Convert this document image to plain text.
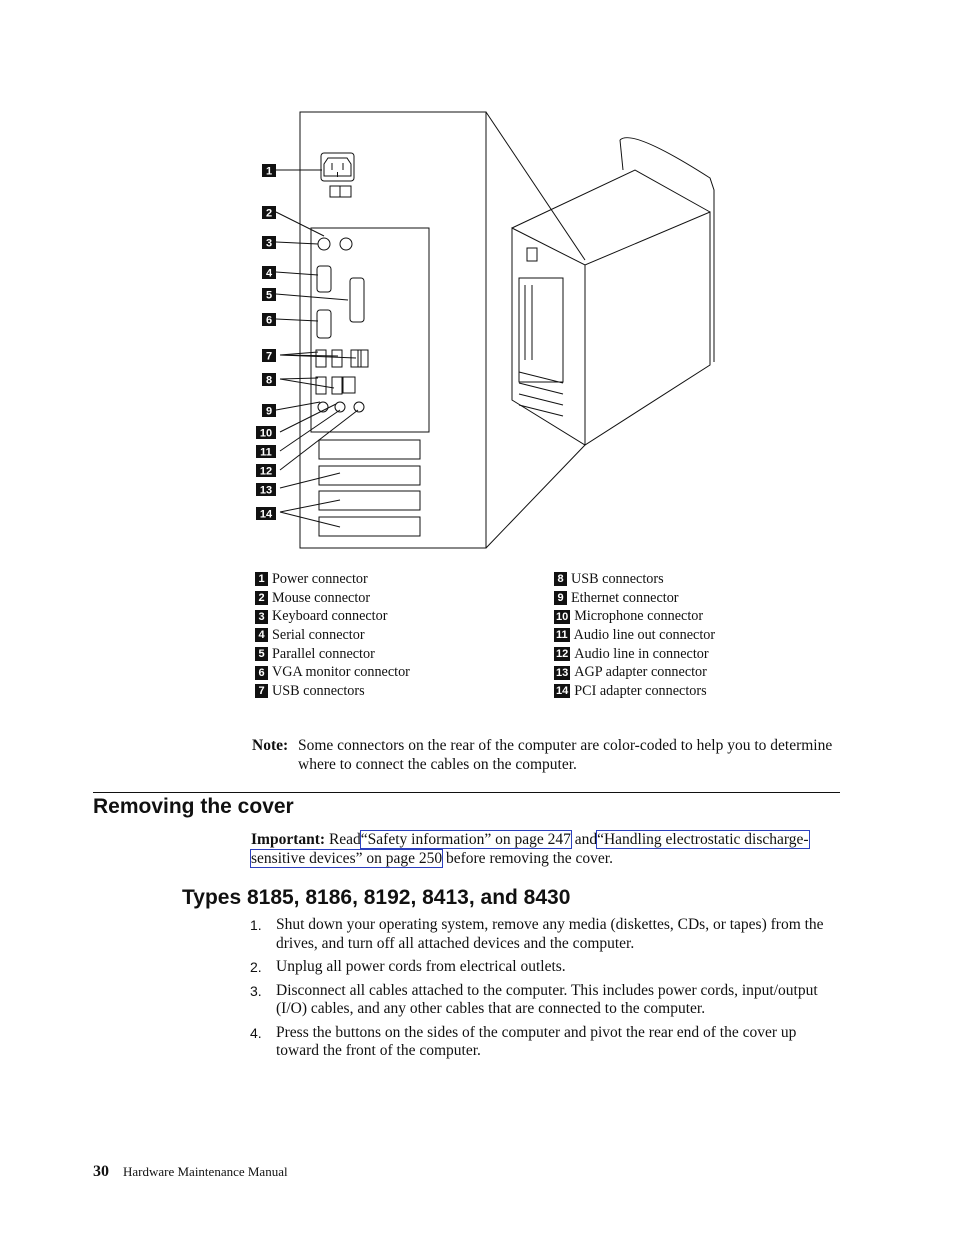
1
2
3
4
5
6
7
8
9
10
11
12
13
14
1 Power connector
2 Mouse connector
3 Keyboard connector
4 Serial connector
5 Parallel connector
6 VGA monitor connector
7 USB connectors
8 USB connectors
9 Ethernet connector
10 Microphone connector
11 Audio line out connector
12 Audio line in connector
13 AGP adapter connector
14 PCI adapter connectors
Note: Some connectors on the rear of the computer are color-coded to help you to determine where to connect the cables on the computer.
Removing the cover
Important: Read“Safety information” on page 247 and“Handling electrostatic discharge-sensitive devices” on page 250 before removing the cover.
Types 8185, 8186, 8192, 8413, and 8430
1. Shut down your operating system, remove any media (diskettes, CDs, or tapes) from the drives, and turn off all attached devices and the computer.
2. Unplug all power cords from electrical outlets.
3. Disconnect all cables attached to the computer. This includes power cords, input/output (I/O) cables, and any other cables that are connected to the computer.
4. Press the buttons on the sides of the computer and pivot the rear end of the cover up toward the front of the computer.
30 Hardware Maintenance Manual
